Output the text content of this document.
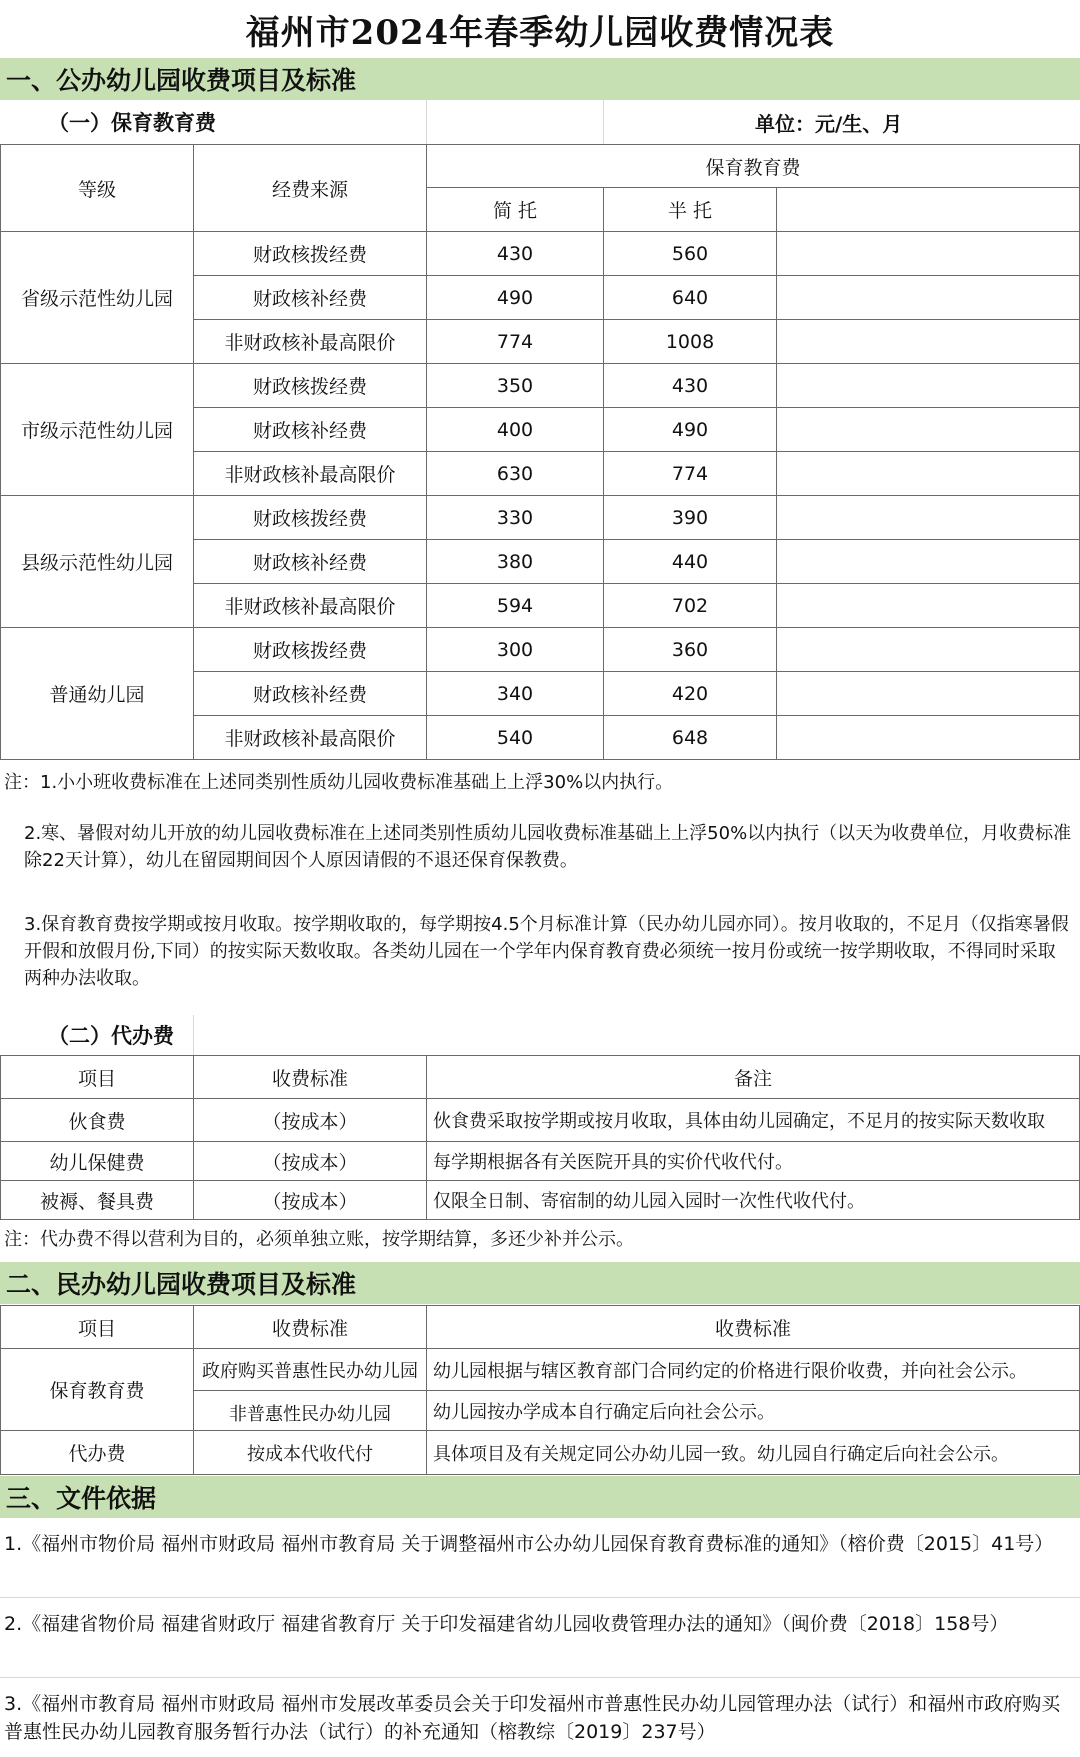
福州市2024年春季幼儿园收费情况表
一、公办幼儿园收费项目及标准
（一）保育教育费	单位：元/生、月
等级	经费来源
保育教育费
简 托	半 托
省级示范性幼儿园
财政核拨经费	430	560
财政核补经费	490	640
非财政核补最高限价	774	1008
市级示范性幼儿园
财政核拨经费	350	430
财政核补经费	400	490
非财政核补最高限价	630	774
县级示范性幼儿园
财政核拨经费	330	390
财政核补经费	380	440
非财政核补最高限价	594	702
普通幼儿园
财政核拨经费	300	360
财政核补经费	340	420
非财政核补最高限价	540	648
注：1.小小班收费标准在上述同类别性质幼儿园收费标准基础上上浮30%以内执行。
2.寒、暑假对幼儿开放的幼儿园收费标准在上述同类别性质幼儿园收费标准基础上上浮50%以内执行（以天为收费单位，月收费标准除22天计算），幼儿在留园期间因个人原因请假的不退还保育保教费。
3.保育教育费按学期或按月收取。按学期收取的，每学期按4.5个月标准计算（民办幼儿园亦同）。按月收取的，不足月（仅指寒暑假开假和放假月份,下同）的按实际天数收取。各类幼儿园在一个学年内保育教育费必须统一按月份或统一按学期收取，不得同时采取两种办法收取。
（二）代办费
项目	收费标准	备注
伙食费	（按成本）	伙食费采取按学期或按月收取，具体由幼儿园确定，不足月的按实际天数收取
幼儿保健费	（按成本）	每学期根据各有关医院开具的实价代收代付。
被褥、餐具费	（按成本）	仅限全日制、寄宿制的幼儿园入园时一次性代收代付。
注：代办费不得以营利为目的，必须单独立账，按学期结算，多还少补并公示。
二、民办幼儿园收费项目及标准
项目	收费标准	收费标准
保育教育费
政府购买普惠性民办幼儿园 幼儿园根据与辖区教育部门合同约定的价格进行限价收费，并向社会公示。
非普惠性民办幼儿园	幼儿园按办学成本自行确定后向社会公示。
代办费	按成本代收代付	具体项目及有关规定同公办幼儿园一致。幼儿园自行确定后向社会公示。
三、文件依据
1.《福州市物价局 福州市财政局 福州市教育局 关于调整福州市公办幼儿园保育教育费标准的通知》（榕价费〔2015〕41号）
2.《福建省物价局 福建省财政厅 福建省教育厅 关于印发福建省幼儿园收费管理办法的通知》（闽价费〔2018〕158号）
3.《福州市教育局 福州市财政局 福州市发展改革委员会关于印发福州市普惠性民办幼儿园管理办法（试行）和福州市政府购买普惠性民办幼儿园教育服务暂行办法（试行）的补充通知（榕教综〔2019〕237号）
